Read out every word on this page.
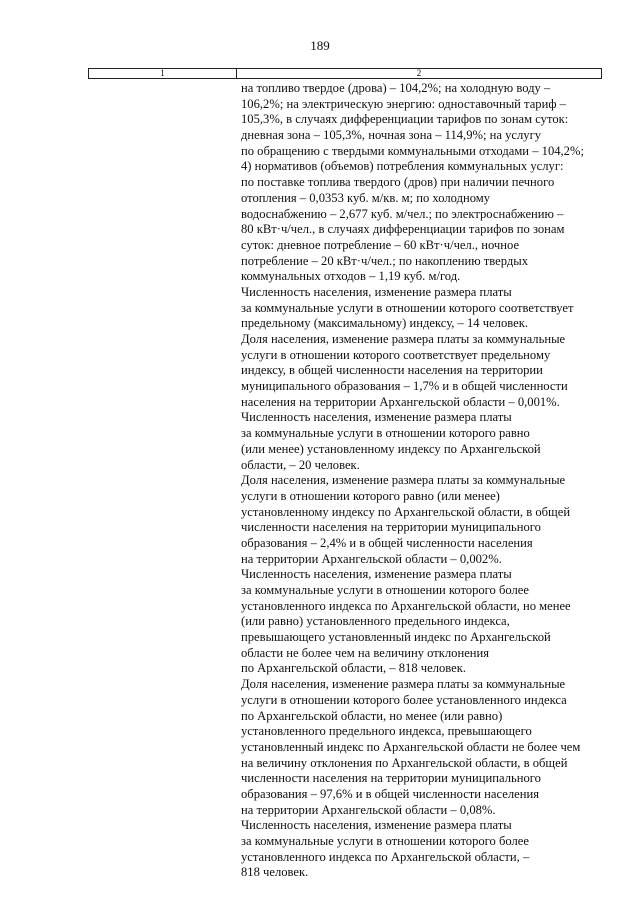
189
1	2
на топливо твердое (дрова) – 104,2%; на холодную воду –
106,2%; на электрическую энергию: одноставочный тариф –
105,3%, в случаях дифференциации тарифов по зонам суток:
дневная зона – 105,3%, ночная зона – 114,9%; на услугу
по обращению с твердыми коммунальными отходами – 104,2%;
4) нормативов (объемов) потребления коммунальных услуг:
по поставке топлива твердого (дров) при наличии печного
отопления – 0,0353 куб. м/кв. м; по холодному
водоснабжению – 2,677 куб. м/чел.; по электроснабжению –
80 кВт·ч/чел., в случаях дифференциации тарифов по зонам
суток: дневное потребление – 60 кВт·ч/чел., ночное
потребление – 20 кВт·ч/чел.; по накоплению твердых
коммунальных отходов – 1,19 куб. м/год.
Численность населения, изменение размера платы
за коммунальные услуги в отношении которого соответствует
предельному (максимальному) индексу, – 14 человек.
Доля населения, изменение размера платы за коммунальные
услуги в отношении которого соответствует предельному
индексу, в общей численности населения на территории
муниципального образования – 1,7% и в общей численности
населения на территории Архангельской области – 0,001%.
Численность населения, изменение размера платы
за коммунальные услуги в отношении которого равно
(или менее) установленному индексу по Архангельской
области, – 20 человек.
Доля населения, изменение размера платы за коммунальные
услуги в отношении которого равно (или менее)
установленному индексу по Архангельской области, в общей
численности населения на территории муниципального
образования – 2,4% и в общей численности населения
на территории Архангельской области – 0,002%.
Численность населения, изменение размера платы
за коммунальные услуги в отношении которого более
установленного индекса по Архангельской области, но менее
(или равно) установленного предельного индекса,
превышающего установленный индекс по Архангельской
области не более чем на величину отклонения
по Архангельской области, – 818 человек.
Доля населения, изменение размера платы за коммунальные
услуги в отношении которого более установленного индекса
по Архангельской области, но менее (или равно)
установленного предельного индекса, превышающего
установленный индекс по Архангельской области не более чем
на величину отклонения по Архангельской области, в общей
численности населения на территории муниципального
образования – 97,6% и в общей численности населения
на территории Архангельской области – 0,08%.
Численность населения, изменение размера платы
за коммунальные услуги в отношении которого более
установленного индекса по Архангельской области, –
818 человек.
